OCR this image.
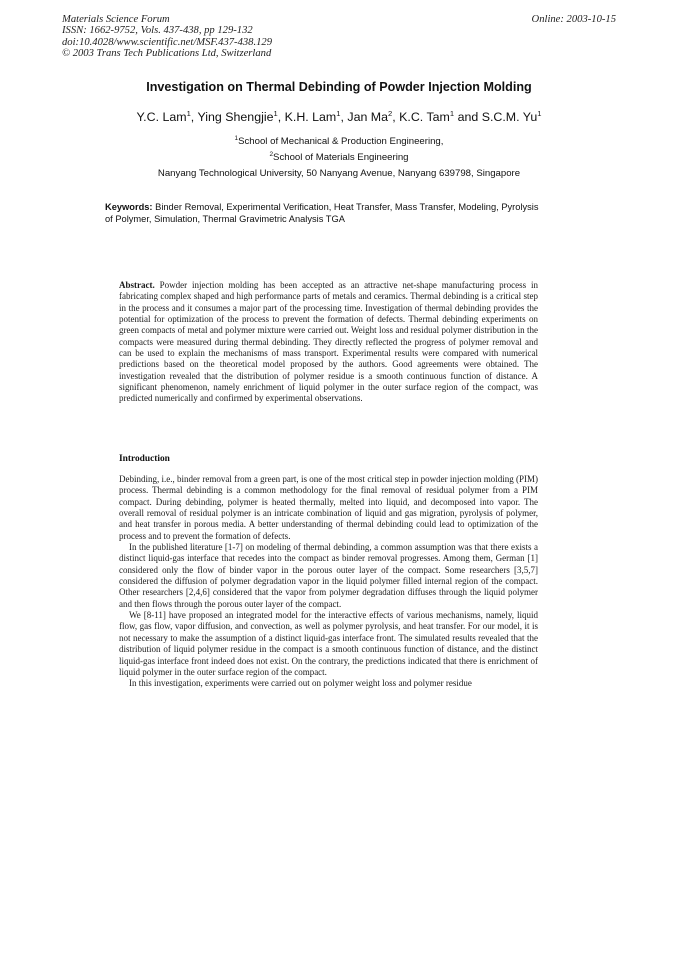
Materials Science Forum
ISSN: 1662-9752, Vols. 437-438, pp 129-132
doi:10.4028/www.scientific.net/MSF.437-438.129
© 2003 Trans Tech Publications Ltd, Switzerland
Online: 2003-10-15
Investigation on Thermal Debinding of Powder Injection Molding
Y.C. Lam$^1$, Ying Shengjie$^1$, K.H. Lam$^1$, Jan Ma$^2$, K.C. Tam$^1$ and S.C.M. Yu$^1$
$^1$School of Mechanical & Production Engineering,
$^2$School of Materials Engineering
Nanyang Technological University, 50 Nanyang Avenue, Nanyang 639798, Singapore
Keywords: Binder Removal, Experimental Verification, Heat Transfer, Mass Transfer, Modeling, Pyrolysis of Polymer, Simulation, Thermal Gravimetric Analysis TGA

Abstract. Powder injection molding has been accepted as an attractive net-shape manufacturing process in fabricating complex shaped and high performance parts of metals and ceramics. Thermal debinding is a critical step in the process and it consumes a major part of the processing time. Investigation of thermal debinding provides the potential for optimization of the process to prevent the formation of defects. Thermal debinding experiments on green compacts of metal and polymer mixture were carried out. Weight loss and residual polymer distribution in the compacts were measured during thermal debinding. They directly reflected the progress of polymer removal and can be used to explain the mechanisms of mass transport. Experimental results were compared with numerical predictions based on the theoretical model proposed by the authors. Good agreements were obtained. The investigation revealed that the distribution of polymer residue is a smooth continuous function of distance. A significant phenomenon, namely enrichment of liquid polymer in the outer surface region of the compact, was predicted numerically and confirmed by experimental observations.

Introduction

Debinding, i.e., binder removal from a green part, is one of the most critical step in powder injection molding (PIM) process. Thermal debinding is a common methodology for the final removal of residual polymer from a PIM compact. During debinding, polymer is heated thermally, melted into liquid, and decomposed into vapor. The overall removal of residual polymer is an intricate combination of liquid and gas migration, pyrolysis of polymer, and heat transfer in porous media. A better understanding of thermal debinding could lead to optimization of the process and to prevent the formation of defects.

In the published literature [1-7] on modeling of thermal debinding, a common assumption was that there exists a distinct liquid-gas interface that recedes into the compact as binder removal progresses. Among them, German [1] considered only the flow of binder vapor in the porous outer layer of the compact. Some researchers [3,5,7] considered the diffusion of polymer degradation vapor in the liquid polymer filled internal region of the compact. Other researchers [2,4,6] considered that the vapor from polymer degradation diffuses through the liquid polymer and then flows through the porous outer layer of the compact.

We [8-11] have proposed an integrated model for the interactive effects of various mechanisms, namely, liquid flow, gas flow, vapor diffusion, and convection, as well as polymer pyrolysis, and heat transfer. For our model, it is not necessary to make the assumption of a distinct liquid-gas interface front. The simulated results revealed that the distribution of liquid polymer residue in the compact is a smooth continuous function of distance, and the distinct liquid-gas interface front indeed does not exist. On the contrary, the predictions indicated that there is enrichment of liquid polymer in the outer surface region of the compact.

In this investigation, experiments were carried out on polymer weight loss and polymer residue
